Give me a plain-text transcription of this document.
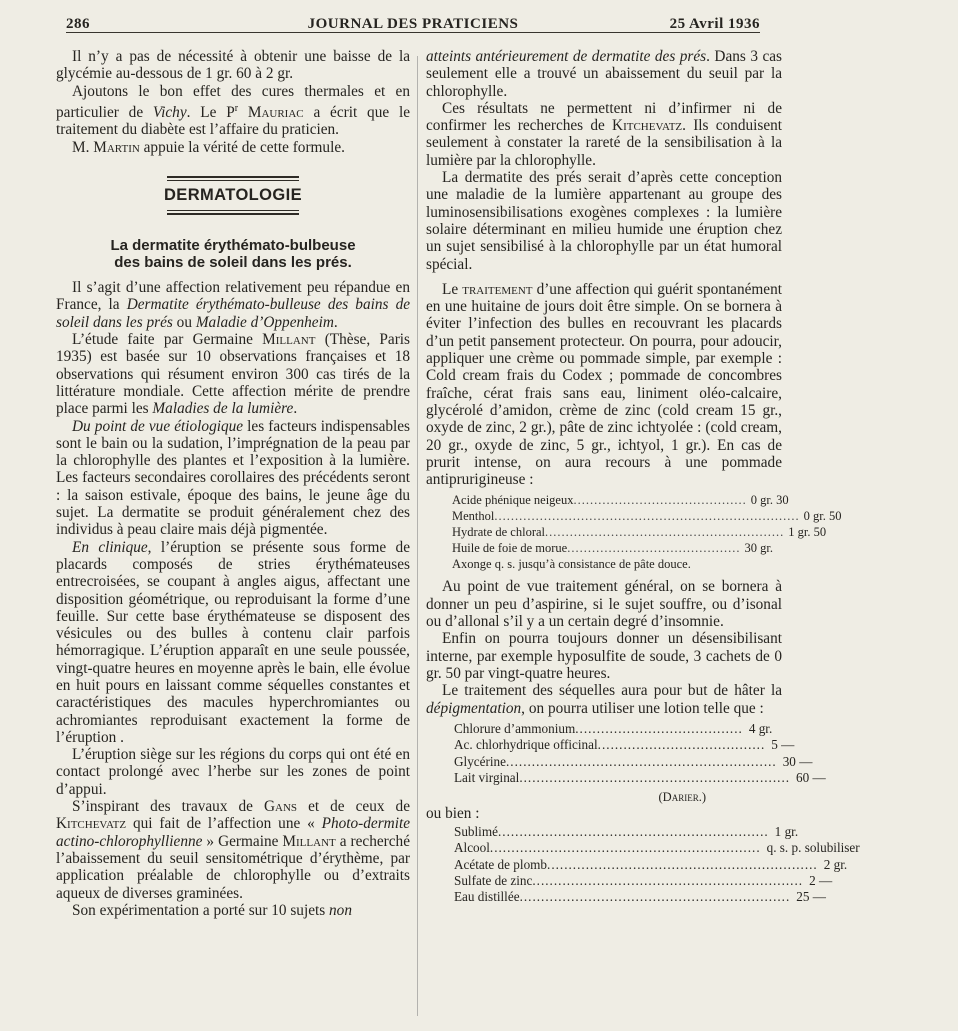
286	JOURNAL DES PRATICIENS	25 Avril 1936

Il n’y a pas de nécessité à obtenir une baisse de la glycémie au-dessous de 1 gr. 60 à 2 gr.

Ajoutons le bon effet des cures thermales et en particulier de Vichy. Le $P^r$ Mauriac a écrit que le traitement du diabète est l’affaire du praticien.

M. Martin appuie la vérité de cette formule.

DERMATOLOGIE
La dermatite érythémato-bulbeuse
des bains de soleil dans les prés.

Il s’agit d’une affection relativement peu répandue en France, la Dermatite érythémato-bulleuse des bains de soleil dans les prés ou Maladie d’Oppenheim.

L’étude faite par Germaine Millant (Thèse, Paris 1935) est basée sur 10 observations françaises et 18 observations qui résument environ 300 cas tirés de la littérature mondiale. Cette affection mérite de prendre place parmi les Maladies de la lumière.

Du point de vue étiologique les facteurs indispensables sont le bain ou la sudation, l’imprégnation de la peau par la chlorophylle des plantes et l’exposition à la lumière. Les facteurs secondaires corollaires des précédents seront : la saison estivale, époque des bains, le jeune âge du sujet. La dermatite se produit généralement chez des individus à peau claire mais déjà pigmentée.

En clinique, l’éruption se présente sous forme de placards composés de stries érythémateuses entrecroisées, se coupant à angles aigus, affectant une disposition géométrique, ou reproduisant la forme d’une feuille. Sur cette base érythémateuse se disposent des vésicules ou des bulles à contenu clair parfois hémorragique. L’éruption apparaît en une seule poussée, vingt-quatre heures en moyenne après le bain, elle évolue en huit pours en laissant comme séquelles constantes et caractéristiques des macules hyperchromiantes ou achromiantes reproduisant exactement la forme de l’éruption .

L’éruption siège sur les régions du corps qui ont été en contact prolongé avec l’herbe sur les zones de point d’appui.

S’inspirant des travaux de Gans et de ceux de Kitchevatz qui fait de l’affection une « Photo-dermite actino-chlorophyllienne » Germaine Millant a recherché l’abaissement du seuil sensitométrique d’érythème, par application préalable de chlorophylle ou d’extraits aqueux de diverses graminées.

Son expérimentation a porté sur 10 sujets non

atteints antérieurement de dermatite des prés. Dans 3 cas seulement elle a trouvé un abaissement du seuil par la chlorophylle.

Ces résultats ne permettent ni d’infirmer ni de confirmer les recherches de Kitchevatz. Ils conduisent seulement à constater la rareté de la sensibilisation à la lumière par la chlorophylle.

La dermatite des prés serait d’après cette conception une maladie de la lumière appartenant au groupe des luminosensibilisations exogènes complexes : la lumière solaire déterminant en milieu humide une éruption chez un sujet sensibilisé à la chlorophylle par un état humoral spécial.

Le traitement d’une affection qui guérit spontanément en une huitaine de jours doit être simple. On se bornera à éviter l’infection des bulles en recouvrant les placards d’un petit pansement protecteur. On pourra, pour adoucir, appliquer une crème ou pommade simple, par exemple : Cold cream frais du Codex ; pommade de concombres fraîche, cérat frais sans eau, liniment oléo-calcaire, glycérolé d’amidon, crème de zinc (cold cream 15 gr., oxyde de zinc, 2 gr.), pâte de zinc ichtyolée : (cold cream, 20 gr., oxyde de zinc, 5 gr., ichtyol, 1 gr.). En cas de prurit intense, on aura recours à une pommade antiprurigineuse :

Acide phénique neigeux .......................................... 0 gr. 30
Menthol .......................................................................... 0 gr. 50
Hydrate de chloral .......................................................... 1 gr. 50
Huile de foie de morue .......................................... 30 gr.
Axonge q. s. jusqu’à consistance de pâte douce.

Au point de vue traitement général, on se bornera à donner un peu d’aspirine, si le sujet souffre, ou d’isonal ou d’allonal s’il y a un certain degré d’insomnie.

Enfin on pourra toujours donner un désensibilisant interne, par exemple hyposulfite de soude, 3 cachets de 0 gr. 50 par vingt-quatre heures.

Le traitement des séquelles aura pour but de hâter la dépigmentation, on pourra utiliser une lotion telle que :

Chlorure d’ammonium ....................................... 4 gr.
Ac. chlorhydrique officinal ....................................... 5 —
Glycérine ............................................................... 30 —
Lait virginal ............................................................... 60 —
(Darier.)

ou bien :

Sublimé ............................................................... 1 gr.
Alcool ............................................................... q. s. p. solubiliser
Acétate de plomb ............................................................... 2 gr.
Sulfate de zinc ............................................................... 2 —
Eau distillée ............................................................... 25 —
